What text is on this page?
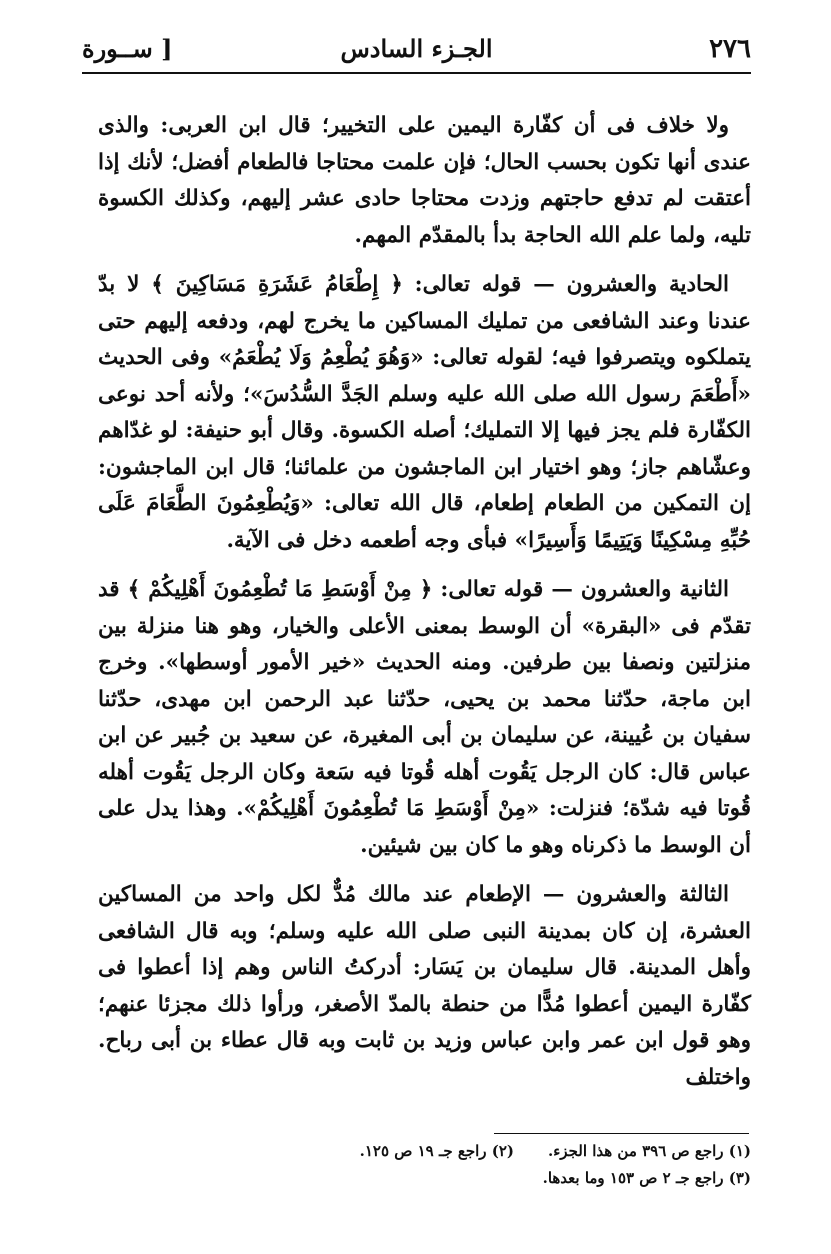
٢٧٦
الجـزء السادس
[ ســورة

ولا خلاف فى أن كفّارة اليمين على التخيير؛ قال ابن العربى: والذى عندى أنها تكون بحسب الحال؛ فإن علمت محتاجا فالطعام أفضل؛ لأنك إذا أعتقت لم تدفع حاجتهم وزدت محتاجا حادى عشر إليهم، وكذلك الكسوة تليه، ولما علم الله الحاجة بدأ بالمقدّم المهم.

الحادية والعشرون — قوله تعالى: ﴿ إِطْعَامُ عَشَرَةِ مَسَاكِينَ ﴾ لا بدّ عندنا وعند الشافعى من تمليك المساكين ما يخرج لهم، ودفعه إليهم حتى يتملكوه ويتصرفوا فيه؛ لقوله تعالى: «وَهُوَ يُطْعِمُ وَلَا يُطْعَمُ» وفى الحديث «أَطْعَمَ رسول الله صلى الله عليه وسلم الجَدَّ السُّدُسَ»؛ ولأنه أحد نوعى الكفّارة فلم يجز فيها إلا التمليك؛ أصله الكسوة. وقال أبو حنيفة: لو غدّاهم وعشّاهم جاز؛ وهو اختيار ابن الماجشون من علمائنا؛ قال ابن الماجشون: إن التمكين من الطعام إطعام، قال الله تعالى: «وَيُطْعِمُونَ الطَّعَامَ عَلَى حُبِّهِ مِسْكِينًا وَيَتِيمًا وَأَسِيرًا» فبأى وجه أطعمه دخل فى الآية.

الثانية والعشرون — قوله تعالى: ﴿ مِنْ أَوْسَطِ مَا تُطْعِمُونَ أَهْلِيكُمْ ﴾ قد تقدّم فى «البقرة» أن الوسط بمعنى الأعلى والخيار، وهو هنا منزلة بين منزلتين ونصفا بين طرفين. ومنه الحديث «خير الأمور أوسطها». وخرج ابن ماجة، حدّثنا محمد بن يحيى، حدّثنا عبد الرحمن ابن مهدى، حدّثنا سفيان بن عُيينة، عن سليمان بن أبى المغيرة، عن سعيد بن جُبير عن ابن عباس قال: كان الرجل يَقُوت أهله قُوتا فيه سَعة وكان الرجل يَقُوت أهله قُوتا فيه شدّة؛ فنزلت: «مِنْ أَوْسَطِ مَا تُطْعِمُونَ أَهْلِيكُمْ». وهذا يدل على أن الوسط ما ذكرناه وهو ما كان بين شيئين.

الثالثة والعشرون — الإطعام عند مالك مُدٌّ لكل واحد من المساكين العشرة، إن كان بمدينة النبى صلى الله عليه وسلم؛ وبه قال الشافعى وأهل المدينة. قال سليمان بن يَسَار: أدركتُ الناس وهم إذا أعطوا فى كفّارة اليمين أعطوا مُدًّا من حنطة بالمدّ الأصغر، ورأوا ذلك مجزئا عنهم؛ وهو قول ابن عمر وابن عباس وزيد بن ثابت وبه قال عطاء بن أبى رباح. واختلف

(١) راجع ص ٣٩٦ من هذا الجزء.
(٢) راجع جـ ١٩ ص ١٢٥.
(٣) راجع جـ ٢ ص ١٥٣ وما بعدها.
